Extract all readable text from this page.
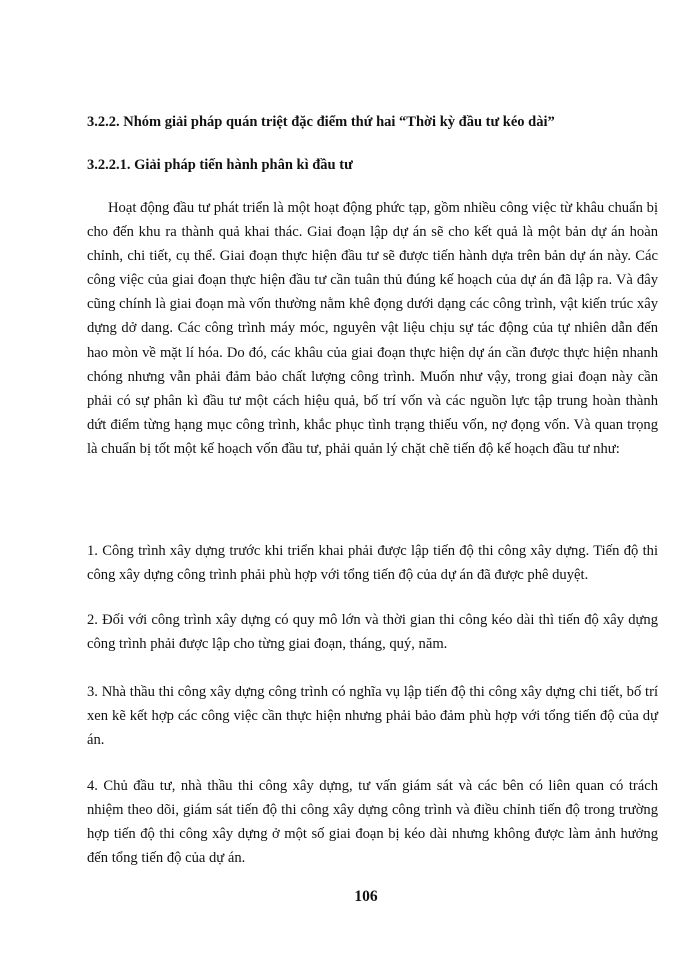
3.2.2. Nhóm giải pháp quán triệt đặc điểm thứ hai “Thời kỳ đầu tư kéo dài”
3.2.2.1. Giải pháp tiến hành phân kì đầu tư

Hoạt động đầu tư phát triển là một hoạt động phức tạp, gồm nhiều công việc từ khâu chuẩn bị cho đến khu ra thành quả khai thác. Giai đoạn lập dự án sẽ cho kết quả là một bản dự án hoàn chỉnh, chi tiết, cụ thể. Giai đoạn thực hiện đầu tư sẽ được tiến hành dựa trên bản dự án này. Các công việc của giai đoạn thực hiện đầu tư cần tuân thủ đúng kế hoạch của dự án đã lập ra. Và đây cũng chính là giai đoạn mà vốn thường nằm khê đọng dưới dạng các công trình, vật kiến trúc xây dựng dở dang. Các công trình máy móc, nguyên vật liệu chịu sự tác động của tự nhiên dẫn đến hao mòn về mặt lí hóa. Do đó, các khâu của giai đoạn thực hiện dự án cần được thực hiện nhanh chóng nhưng vẫn phải đảm bảo chất lượng công trình. Muốn như vậy, trong giai đoạn này cần phải có sự phân kì đầu tư một cách hiệu quả, bố trí vốn và các nguồn lực tập trung hoàn thành dứt điểm từng hạng mục công trình, khắc phục tình trạng thiếu vốn, nợ đọng vốn. Và quan trọng là chuẩn bị tốt một kế hoạch vốn đầu tư, phải quản lý chặt chẽ tiến độ kế hoạch đầu tư như:

1. Công trình xây dựng trước khi triển khai phải được lập tiến độ thi công xây dựng. Tiến độ thi công xây dựng công trình phải phù hợp với tổng tiến độ của dự án đã được phê duyệt.

2. Đối với công trình xây dựng có quy mô lớn và thời gian thi công kéo dài thì tiến độ xây dựng công trình phải được lập cho từng giai đoạn, tháng, quý, năm.

3. Nhà thầu thi công xây dựng công trình có nghĩa vụ lập tiến độ thi công xây dựng chi tiết, bố trí xen kẽ kết hợp các công việc cần thực hiện nhưng phải bảo đảm phù hợp với tổng tiến độ của dự án.

4. Chủ đầu tư, nhà thầu thi công xây dựng, tư vấn giám sát và các bên có liên quan có trách nhiệm theo dõi, giám sát tiến độ thi công xây dựng công trình và điều chỉnh tiến độ trong trường hợp tiến độ thi công xây dựng ở một số giai đoạn bị kéo dài nhưng không được làm ảnh hưởng đến tổng tiến độ của dự án.

106
